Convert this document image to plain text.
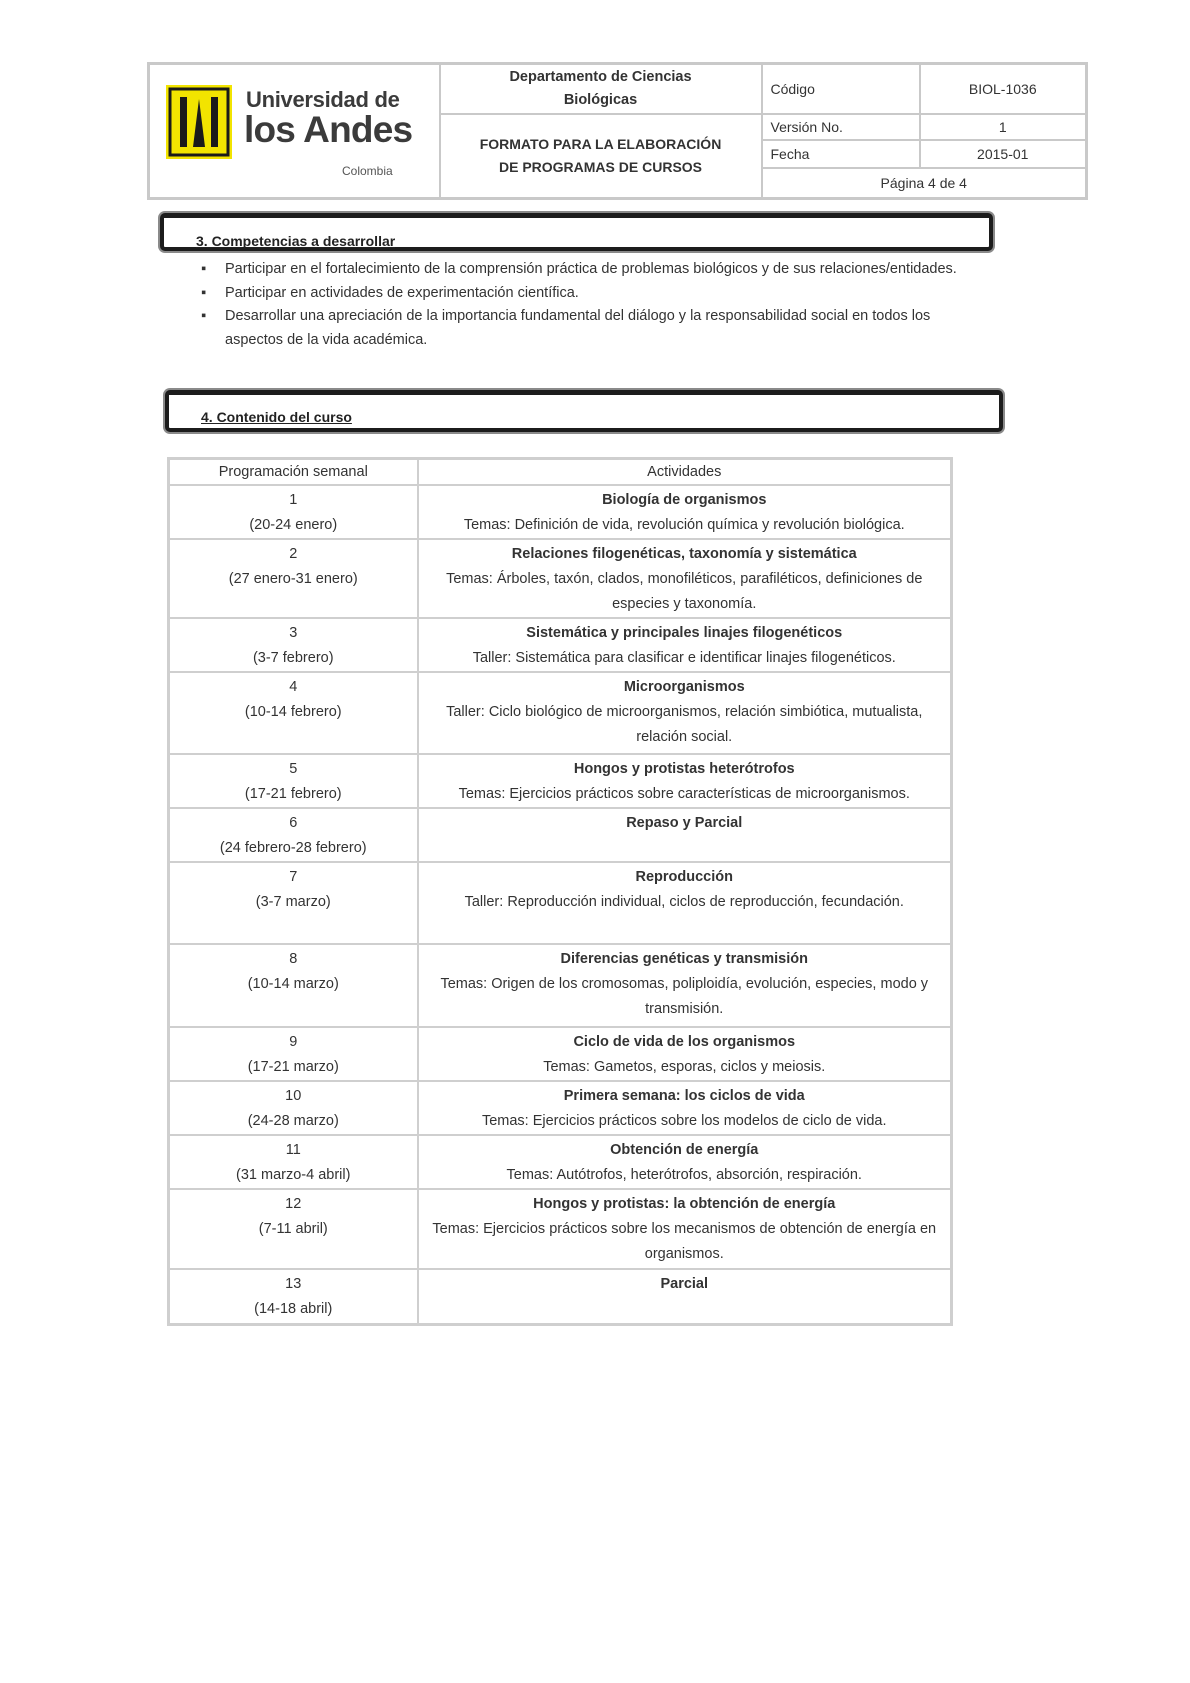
Universidad de
los Andes
Colombia	Departamento de Ciencias Biológicas	Código	BIOL-1036

	FORMATO PARA LA ELABORACIÓN DE PROGRAMAS DE CURSOS	Versión No.	1
		Fecha	2015-01
		Página 4 de 4	
3. Competencias a desarrollar
▪ Participar en el fortalecimiento de la comprensión práctica de problemas biológicos y de sus relaciones/entidades.
▪ Participar en actividades de experimentación científica.
▪ Desarrollar una apreciación de la importancia fundamental del diálogo y la responsabilidad social en todos los aspectos de la vida académica.
4. Contenido del curso
Programación semanal	Actividades

1
(20-24 enero)	Biología de organismos
Temas: Definición de vida, revolución química y revolución biológica.

2
(27 enero-31 enero)	Relaciones filogenéticas, taxonomía y sistemática
Temas: Árboles, taxón, clados, monofiléticos, parafiléticos, definiciones de especies y taxonomía.

3
(3-7 febrero)	Sistemática y principales linajes filogenéticos
Taller: Sistemática para clasificar e identificar linajes filogenéticos.

4
(10-14 febrero)	Microorganismos
Taller: Ciclo biológico de microorganismos, relación simbiótica, mutualista, relación social.

5
(17-21 febrero)	Hongos y protistas heterótrofos
Temas: Ejercicios prácticos sobre características de microorganismos.

6
(24 febrero-28 febrero)	Repaso y Parcial

7
(3-7 marzo)	Reproducción
Taller: Reproducción individual, ciclos de reproducción, fecundación.

8
(10-14 marzo)	Diferencias genéticas y transmisión
Temas: Origen de los cromosomas, poliploidía, evolución, especies, modo y transmisión.

9
(17-21 marzo)	Ciclo de vida de los organismos
Temas: Gametos, esporas, ciclos y meiosis.

10
(24-28 marzo)	Primera semana: los ciclos de vida
Temas: Ejercicios prácticos sobre los modelos de ciclo de vida.

11
(31 marzo-4 abril)	Obtención de energía
Temas: Autótrofos, heterótrofos, absorción, respiración.

12
(7-11 abril)	Hongos y protistas: la obtención de energía
Temas: Ejercicios prácticos sobre los mecanismos de obtención de energía en organismos.

13
(14-18 abril)	Parcial
